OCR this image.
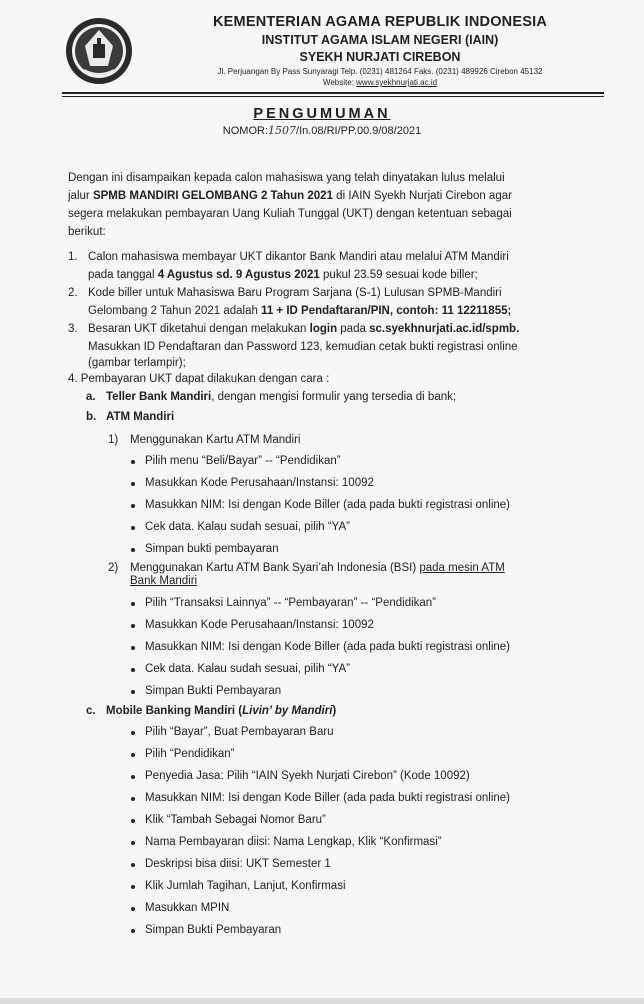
KEMENTERIAN AGAMA REPUBLIK INDONESIA
INSTITUT AGAMA ISLAM NEGERI (IAIN)
SYEKH NURJATI CIREBON
Jl. Perjuangan By Pass Sunyaragi Telp. (0231) 481264 Faks. (0231) 489926 Cirebon 45132
Website: www.syekhnurjati.ac.id
PENGUMUMAN
NOMOR:1507/In.08/RI/PP.00.9/08/2021
Dengan ini disampaikan kepada calon mahasiswa yang telah dinyatakan lulus melalui
jalur SPMB MANDIRI GELOMBANG 2 Tahun 2021 di IAIN Syekh Nurjati Cirebon agar
segera melakukan pembayaran Uang Kuliah Tunggal (UKT) dengan ketentuan sebagai
berikut:
1. Calon mahasiswa membayar UKT dikantor Bank Mandiri atau melalui ATM Mandiri
pada tanggal 4 Agustus sd. 9 Agustus 2021 pukul 23.59 sesuai kode biller;
2. Kode biller untuk Mahasiswa Baru Program Sarjana (S-1) Lulusan SPMB-Mandiri
Gelombang 2 Tahun 2021 adalah 11 + ID Pendaftaran/PIN, contoh: 11 12211855;
3. Besaran UKT diketahui dengan melakukan login pada sc.syekhnurjati.ac.id/spmb.
Masukkan ID Pendaftaran dan Password 123, kemudian cetak bukti registrasi online
(gambar terlampir);
4. Pembayaran UKT dapat dilakukan dengan cara :
a. Teller Bank Mandiri, dengan mengisi formulir yang tersedia di bank;
b. ATM Mandiri
1) Menggunakan Kartu ATM Mandiri
Pilih menu “Beli/Bayar” -- “Pendidikan”
Masukkan Kode Perusahaan/Instansi: 10092
Masukkan NIM: Isi dengan Kode Biller (ada pada bukti registrasi online)
Cek data. Kalau sudah sesuai, pilih “YA”
Simpan bukti pembayaran
2) Menggunakan Kartu ATM Bank Syari’ah Indonesia (BSI) pada mesin ATM
Bank Mandiri
Pilih “Transaksi Lainnya” -- “Pembayaran” -- “Pendidikan”
Masukkan Kode Perusahaan/Instansi: 10092
Masukkan NIM: Isi dengan Kode Biller (ada pada bukti registrasi online)
Cek data. Kalau sudah sesuai, pilih “YA”
Simpan Bukti Pembayaran
c. Mobile Banking Mandiri (Livin’ by Mandiri)
Pilih “Bayar”, Buat Pembayaran Baru
Pilih “Pendidikan”
Penyedia Jasa: Pilih “IAIN Syekh Nurjati Cirebon” (Kode 10092)
Masukkan NIM: Isi dengan Kode Biller (ada pada bukti registrasi online)
Klik “Tambah Sebagai Nomor Baru”
Nama Pembayaran diisi: Nama Lengkap, Klik “Konfirmasi”
Deskripsi bisa diisi: UKT Semester 1
Klik Jumlah Tagihan, Lanjut, Konfirmasi
Masukkan MPIN
Simpan Bukti Pembayaran
